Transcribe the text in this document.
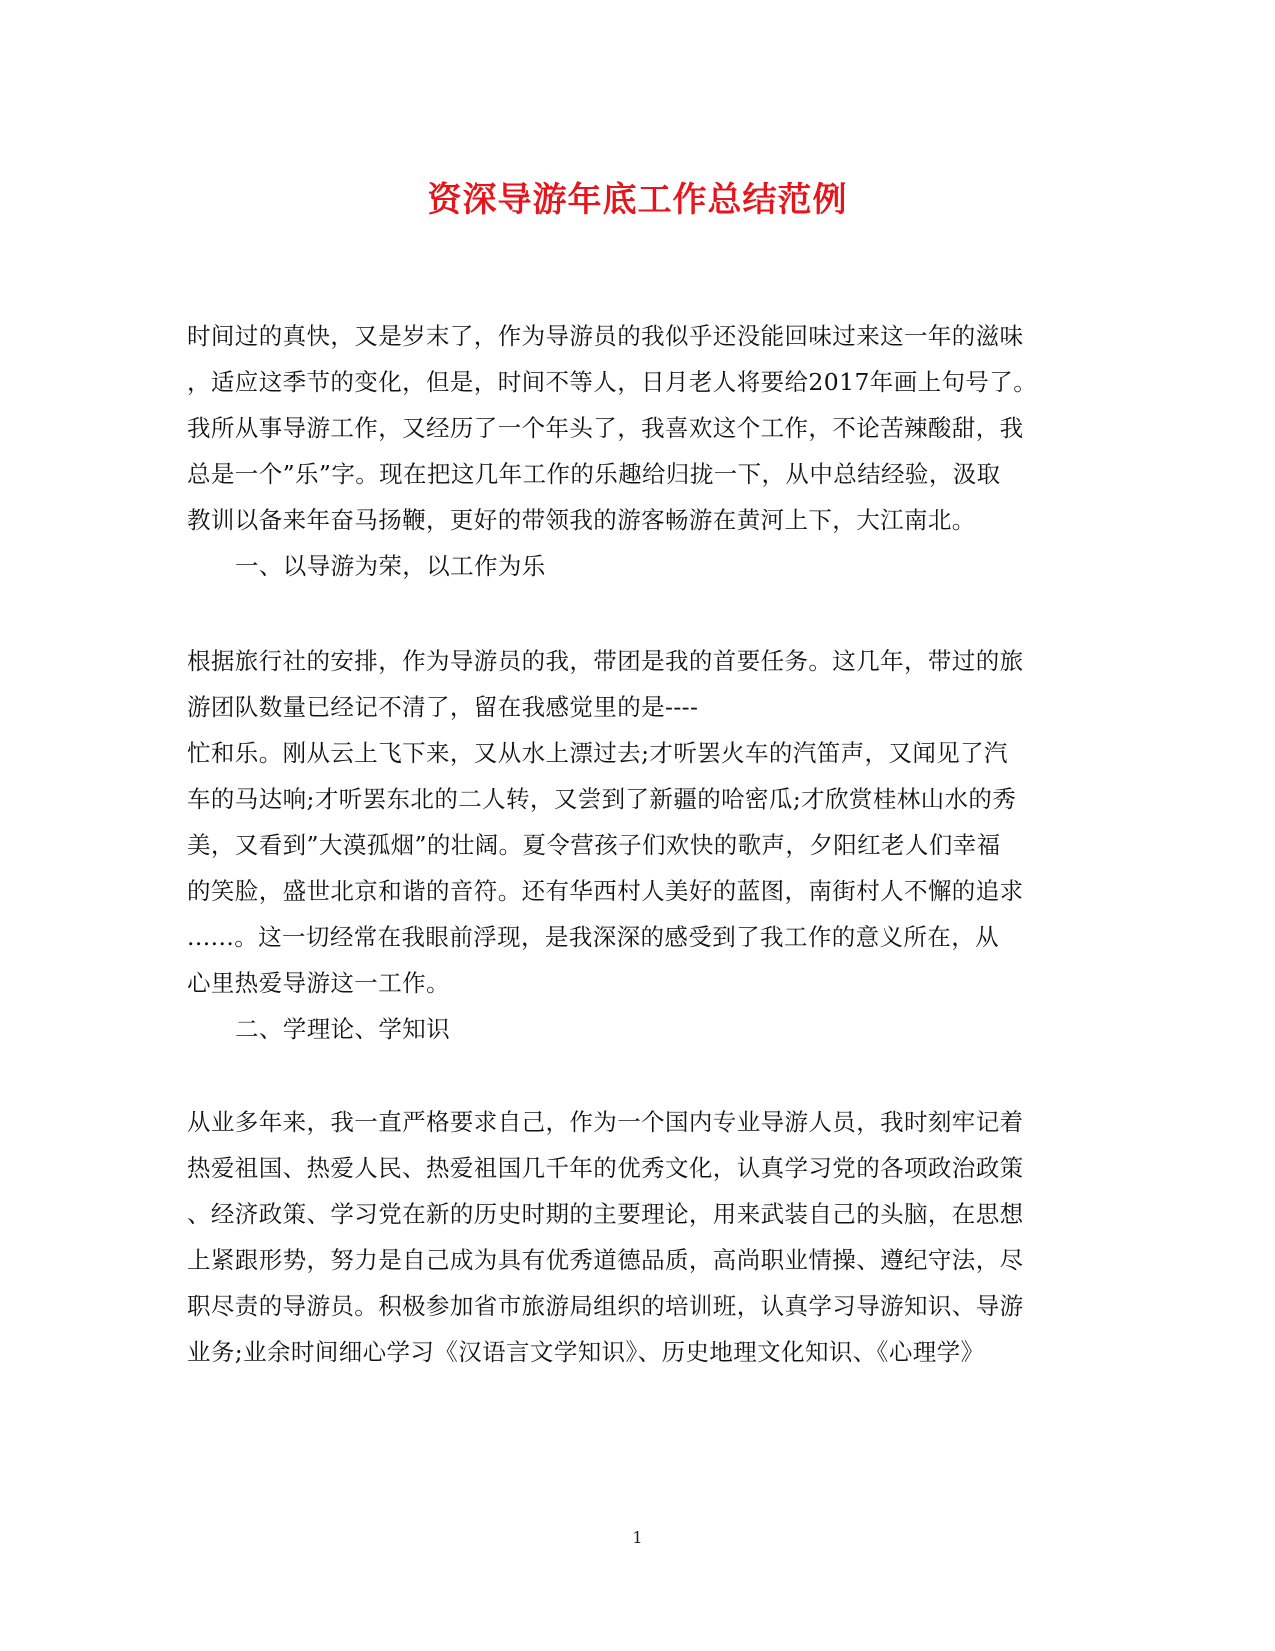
资深导游年底工作总结范例
时间过的真快，又是岁末了，作为导游员的我似乎还没能回味过来这一年的滋味
，适应这季节的变化，但是，时间不等人，日月老人将要给2017年画上句号了。
我所从事导游工作，又经历了一个年头了，我喜欢这个工作，不论苦辣酸甜，我
总是一个”乐”字。现在把这几年工作的乐趣给归拢一下，从中总结经验，汲取
教训以备来年奋马扬鞭，更好的带领我的游客畅游在黄河上下，大江南北。
一、以导游为荣，以工作为乐
根据旅行社的安排，作为导游员的我，带团是我的首要任务。这几年，带过的旅
游团队数量已经记不清了，留在我感觉里的是----
忙和乐。刚从云上飞下来，又从水上漂过去;才听罢火车的汽笛声，又闻见了汽
车的马达响;才听罢东北的二人转，又尝到了新疆的哈密瓜;才欣赏桂林山水的秀
美，又看到”大漠孤烟”的壮阔。夏令营孩子们欢快的歌声，夕阳红老人们幸福
的笑脸，盛世北京和谐的音符。还有华西村人美好的蓝图，南街村人不懈的追求
......。这一切经常在我眼前浮现，是我深深的感受到了我工作的意义所在，从
心里热爱导游这一工作。
二、学理论、学知识
从业多年来，我一直严格要求自己，作为一个国内专业导游人员，我时刻牢记着
热爱祖国、热爱人民、热爱祖国几千年的优秀文化，认真学习党的各项政治政策
、经济政策、学习党在新的历史时期的主要理论，用来武装自己的头脑，在思想
上紧跟形势，努力是自己成为具有优秀道德品质，高尚职业情操、遵纪守法，尽
职尽责的导游员。积极参加省市旅游局组织的培训班，认真学习导游知识、导游
业务;业余时间细心学习《汉语言文学知识》、历史地理文化知识、《心理学》
1
